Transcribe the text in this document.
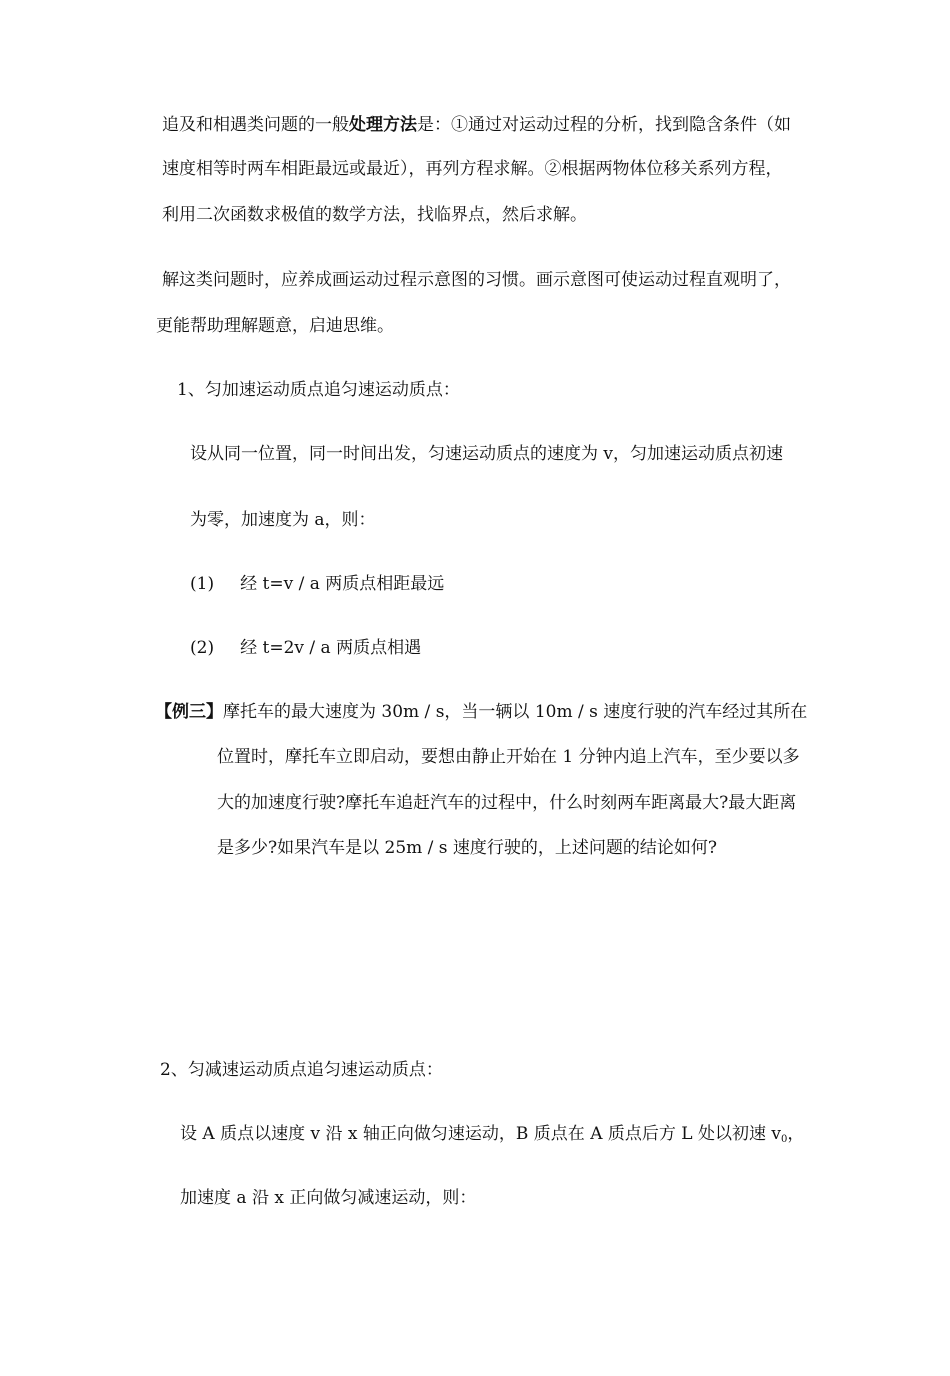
追及和相遇类问题的一般处理方法是：①通过对运动过程的分析，找到隐含条件（如
速度相等时两车相距最远或最近），再列方程求解。②根据两物体位移关系列方程，
利用二次函数求极值的数学方法，找临界点，然后求解。
解这类问题时，应养成画运动过程示意图的习惯。画示意图可使运动过程直观明了，
更能帮助理解题意，启迪思维。
1、匀加速运动质点追匀速运动质点：
设从同一位置，同一时间出发，匀速运动质点的速度为 v，匀加速运动质点初速
为零，加速度为 a，则：
(1) 经 t=v / a 两质点相距最远
(2) 经 t=2v / a 两质点相遇
【例三】摩托车的最大速度为 30m / s，当一辆以 10m / s 速度行驶的汽车经过其所在
位置时，摩托车立即启动，要想由静止开始在 1 分钟内追上汽车，至少要以多
大的加速度行驶?摩托车追赶汽车的过程中，什么时刻两车距离最大?最大距离
是多少?如果汽车是以 25m / s 速度行驶的，上述问题的结论如何?
2、匀减速运动质点追匀速运动质点：
设 A 质点以速度 v 沿 x 轴正向做匀速运动，B 质点在 A 质点后方 L 处以初速 $v_0$，
加速度 a 沿 x 正向做匀减速运动，则：
